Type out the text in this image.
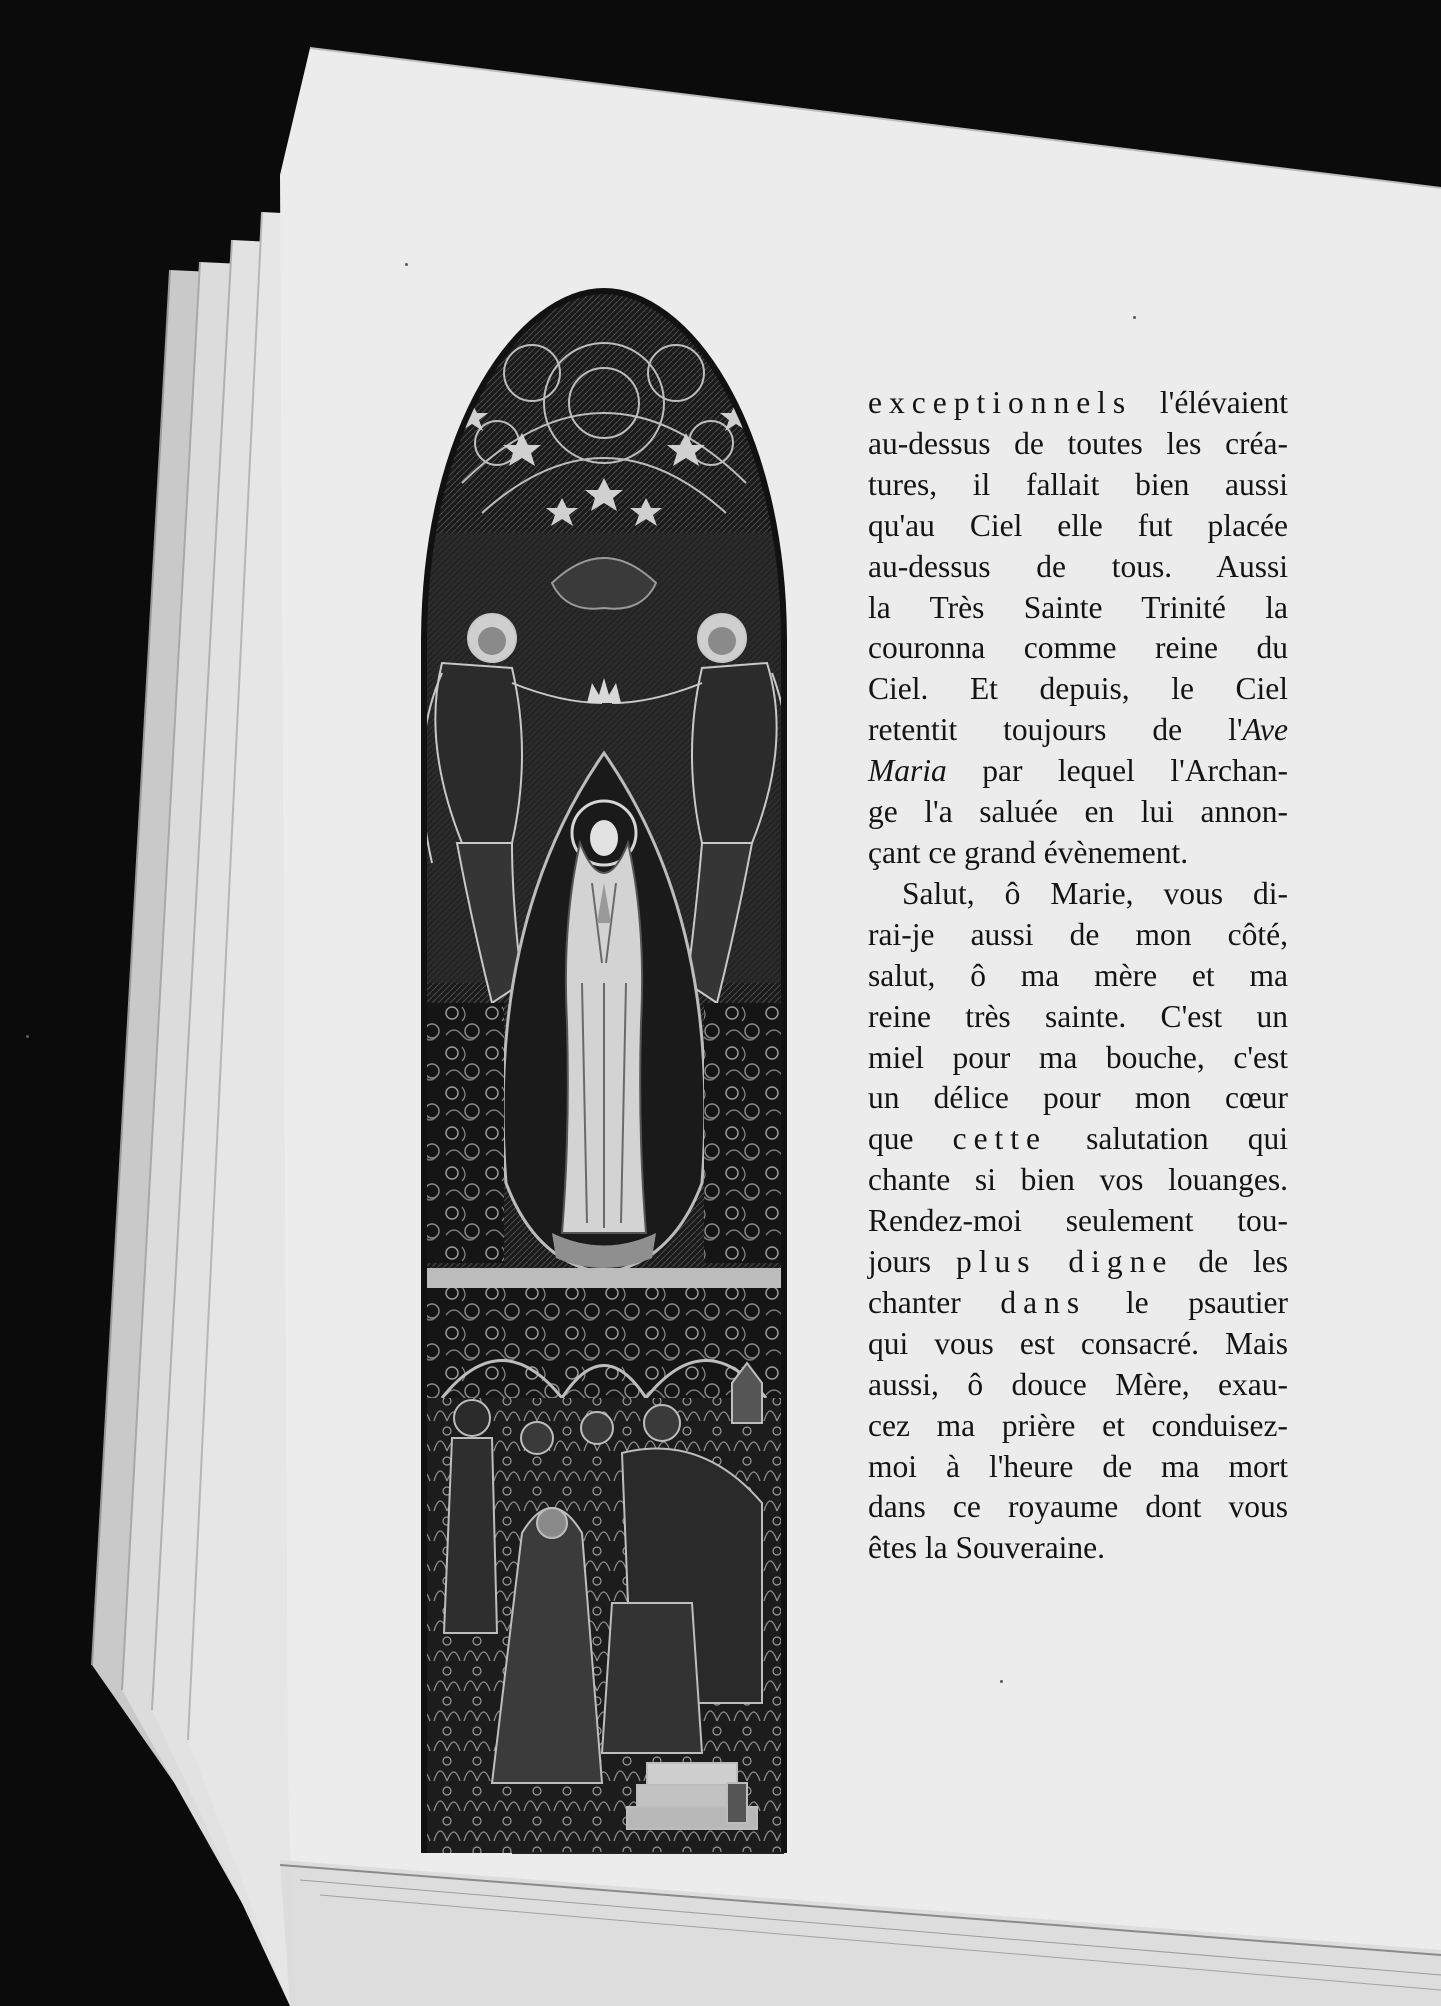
exceptionnels l'élévaient
au-dessus de toutes les créa-
tures, il fallait bien aussi
qu'au Ciel elle fut placée
au-dessus de tous. Aussi
la Très Sainte Trinité la
couronna comme reine du
Ciel. Et depuis, le Ciel
retentit toujours de l'Ave
Maria par lequel l'Archan-
ge l'a saluée en lui annon-
çant ce grand évènement.
Salut, ô Marie, vous di-
rai-je aussi de mon côté,
salut, ô ma mère et ma
reine très sainte. C'est un
miel pour ma bouche, c'est
un délice pour mon cœur
que cette salutation qui
chante si bien vos louanges.
Rendez-moi seulement tou-
jours plus digne de les
chanter dans le psautier
qui vous est consacré. Mais
aussi, ô douce Mère, exau-
cez ma prière et conduisez-
moi à l'heure de ma mort
dans ce royaume dont vous
êtes la Souveraine.
